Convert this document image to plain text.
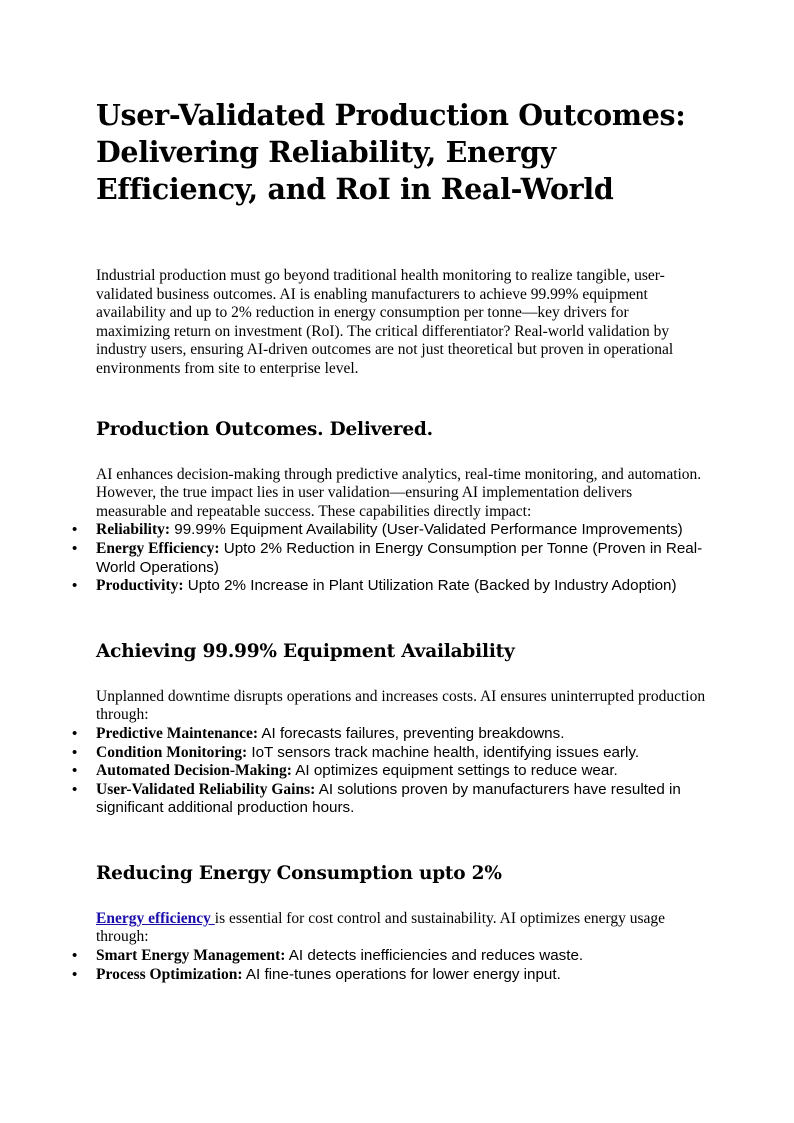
User-Validated Production Outcomes: Delivering Reliability, Energy Efficiency, and RoI in Real-World

Industrial production must go beyond traditional health monitoring to realize tangible, user-validated business outcomes. AI is enabling manufacturers to achieve 99.99% equipment availability and up to 2% reduction in energy consumption per tonne—key drivers for maximizing return on investment (RoI). The critical differentiator? Real-world validation by industry users, ensuring AI-driven outcomes are not just theoretical but proven in operational environments from site to enterprise level.

Production Outcomes. Delivered.

AI enhances decision-making through predictive analytics, real-time monitoring, and automation. However, the true impact lies in user validation—ensuring AI implementation delivers measurable and repeatable success. These capabilities directly impact:

• Reliability: 99.99% Equipment Availability (User-Validated Performance Improvements)
• Energy Efficiency: Upto 2% Reduction in Energy Consumption per Tonne (Proven in Real-World Operations)
• Productivity: Upto 2% Increase in Plant Utilization Rate (Backed by Industry Adoption)
Achieving 99.99% Equipment Availability

Unplanned downtime disrupts operations and increases costs. AI ensures uninterrupted production through:

• Predictive Maintenance: AI forecasts failures, preventing breakdowns.
• Condition Monitoring: IoT sensors track machine health, identifying issues early.
• Automated Decision-Making: AI optimizes equipment settings to reduce wear.
• User-Validated Reliability Gains: AI solutions proven by manufacturers have resulted in significant additional production hours.
Reducing Energy Consumption upto 2%

Energy efficiency is essential for cost control and sustainability. AI optimizes energy usage through:

• Smart Energy Management: AI detects inefficiencies and reduces waste.
• Process Optimization: AI fine-tunes operations for lower energy input.
